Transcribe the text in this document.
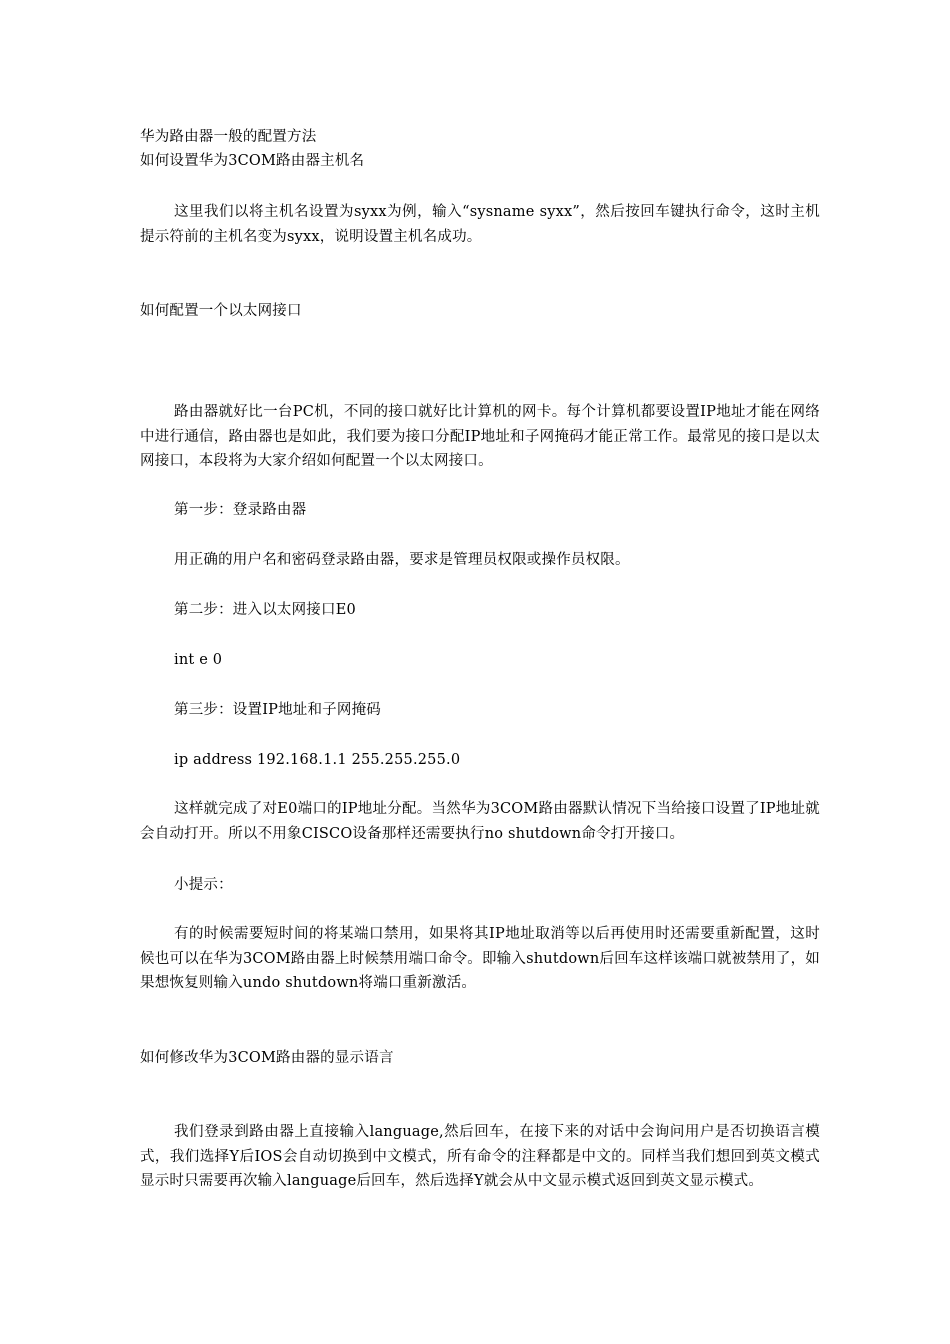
华为路由器一般的配置方法
如何设置华为3COM路由器主机名
这里我们以将主机名设置为syxx为例，输入“sysname syxx”，然后按回车键执行命令，这时主机提示符前的主机名变为syxx，说明设置主机名成功。
如何配置一个以太网接口
路由器就好比一台PC机，不同的接口就好比计算机的网卡。每个计算机都要设置IP地址才能在网络中进行通信，路由器也是如此，我们要为接口分配IP地址和子网掩码才能正常工作。最常见的接口是以太网接口，本段将为大家介绍如何配置一个以太网接口。
第一步：登录路由器
用正确的用户名和密码登录路由器，要求是管理员权限或操作员权限。
第二步：进入以太网接口E0
int e 0
第三步：设置IP地址和子网掩码
ip address 192.168.1.1 255.255.255.0
这样就完成了对E0端口的IP地址分配。当然华为3COM路由器默认情况下当给接口设置了IP地址就会自动打开。所以不用象CISCO设备那样还需要执行no shutdown命令打开接口。
小提示：
有的时候需要短时间的将某端口禁用，如果将其IP地址取消等以后再使用时还需要重新配置，这时候也可以在华为3COM路由器上时候禁用端口命令。即输入shutdown后回车这样该端口就被禁用了，如果想恢复则输入undo shutdown将端口重新激活。
如何修改华为3COM路由器的显示语言
我们登录到路由器上直接输入language,然后回车，在接下来的对话中会询问用户是否切换语言模式，我们选择Y后IOS会自动切换到中文模式，所有命令的注释都是中文的。同样当我们想回到英文模式显示时只需要再次输入language后回车，然后选择Y就会从中文显示模式返回到英文显示模式。
